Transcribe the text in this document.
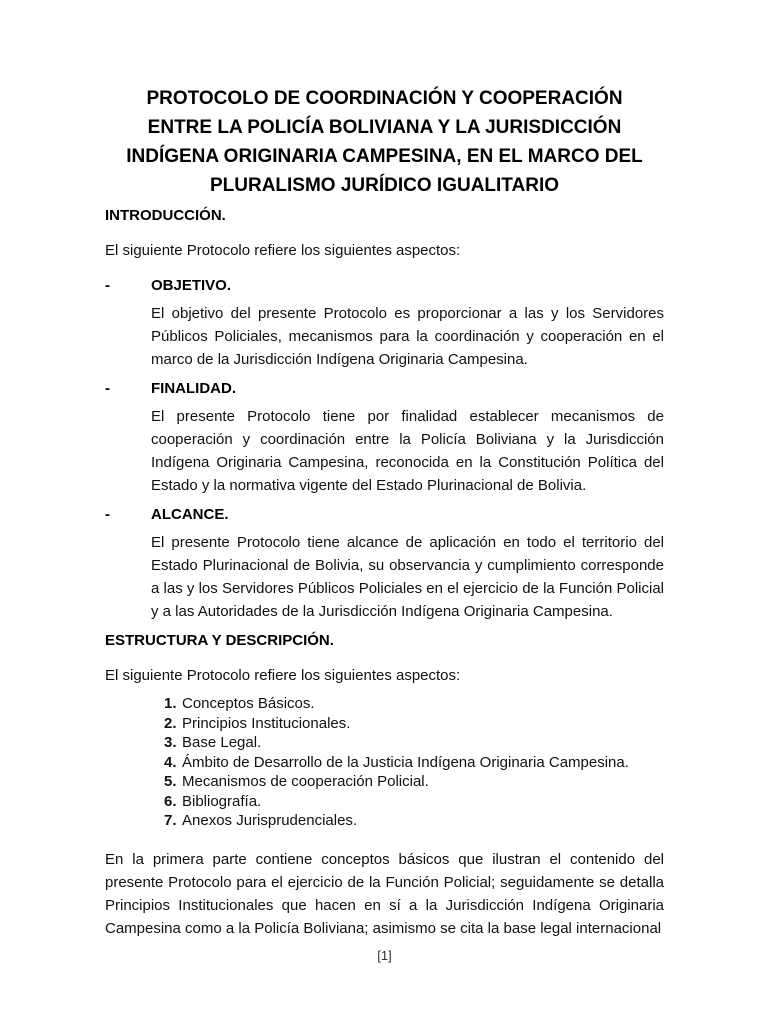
PROTOCOLO DE COORDINACIÓN Y COOPERACIÓN
ENTRE LA POLICÍA BOLIVIANA Y LA JURISDICCIÓN
INDÍGENA ORIGINARIA CAMPESINA, EN EL MARCO DEL
PLURALISMO JURÍDICO IGUALITARIO
INTRODUCCIÓN.

El siguiente Protocolo refiere los siguientes aspectos:

-	OBJETIVO.

El objetivo del presente Protocolo es proporcionar a las y los Servidores Públicos Policiales, mecanismos para la coordinación y cooperación en el marco de la Jurisdicción Indígena Originaria Campesina.

-	FINALIDAD.

El presente Protocolo tiene por finalidad establecer mecanismos de cooperación y coordinación entre la Policía Boliviana y la Jurisdicción Indígena Originaria Campesina, reconocida en la Constitución Política del Estado y la normativa vigente del Estado Plurinacional de Bolivia.

-	ALCANCE.

El presente Protocolo tiene alcance de aplicación en todo el territorio del Estado Plurinacional de Bolivia, su observancia y cumplimiento corresponde a las y los Servidores Públicos Policiales en el ejercicio de la Función Policial y a las Autoridades de la Jurisdicción Indígena Originaria Campesina.

ESTRUCTURA Y DESCRIPCIÓN.

El siguiente Protocolo refiere los siguientes aspectos:

1. Conceptos Básicos.
2. Principios Institucionales.
3. Base Legal.
4. Ámbito de Desarrollo de la Justicia Indígena Originaria Campesina.
5. Mecanismos de cooperación Policial.
6. Bibliografía.
7. Anexos Jurisprudenciales.

En la primera parte contiene conceptos básicos que ilustran el contenido del presente Protocolo para el ejercicio de la Función Policial; seguidamente se detalla Principios Institucionales que hacen en sí a la Jurisdicción Indígena Originaria Campesina como a la Policía Boliviana; asimismo se cita la base legal internacional

[1]
